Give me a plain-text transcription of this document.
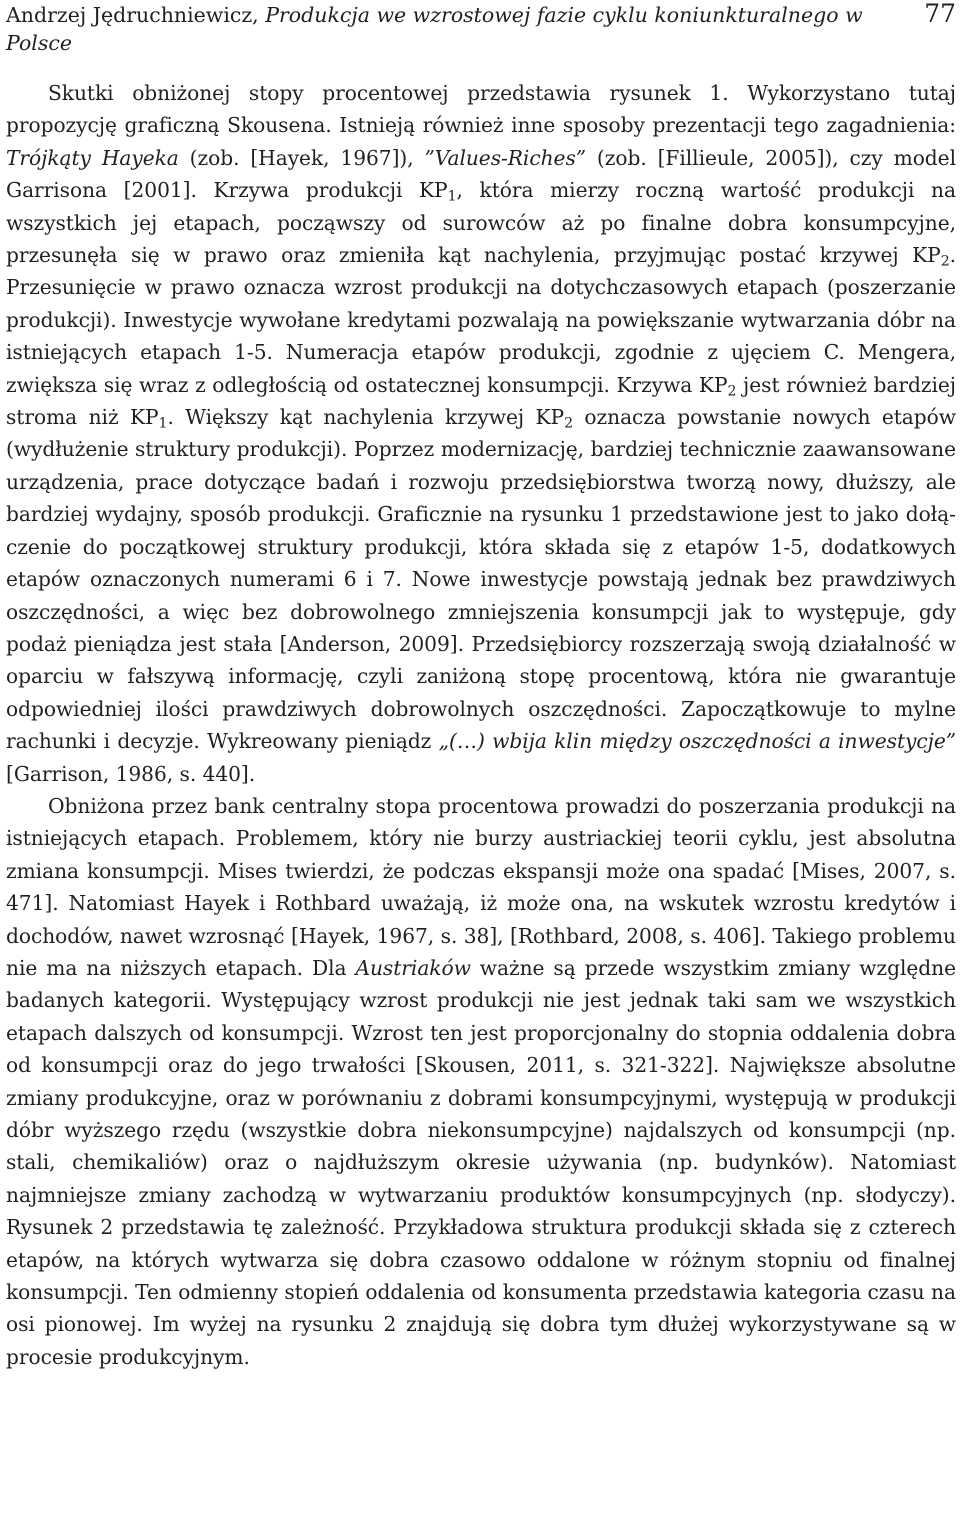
Andrzej Jędruchniewicz, Produkcja we wzrostowej fazie cyklu koniunkturalnego w Polsce
77

Skutki obniżonej stopy procentowej przedstawia rysunek 1. Wykorzystano tutaj propozycję graficzną Skousena. Istnieją również inne sposoby prezentacji tego zagadnienia: Trójkąty Hayeka (zob. [Hayek, 1967]), ”Values-Riches” (zob. [Fillieule, 2005]), czy model Garrisona [2001]. Krzywa produkcji $KP_1$, która mierzy roczną wartość produkcji na wszystkich jej etapach, począwszy od surowców aż po finalne dobra konsumpcyjne, przesunęła się w prawo oraz zmieniła kąt nachylenia, przyjmując postać krzywej $KP_2$. Przesunięcie w prawo oznacza wzrost produkcji na dotychczasowych etapach (poszerzanie produkcji). Inwestycje wywołane kredytami pozwalają na powiększanie wytwarzania dóbr na istniejących etapach 1-5. Numeracja etapów produkcji, zgodnie z ujęciem C. Mengera, zwiększa się wraz z odległością od ostatecznej konsumpcji. Krzywa $KP_2$ jest również bardziej stroma niż $KP_1$. Większy kąt nachylenia krzywej $KP_2$ oznacza powstanie nowych etapów (wydłużenie struktury produkcji). Poprzez modernizację, bardziej technicznie zaawansowane urządzenia, prace dotyczące badań i rozwoju przedsiębiorstwa tworzą nowy, dłuższy, ale bardziej wydajny, sposób produkcji. Graficznie na rysunku 1 przedstawione jest to jako dołączenie do początkowej struktury produkcji, która składa się z etapów 1-5, dodatkowych etapów oznaczonych numerami 6 i 7. Nowe inwestycje powstają jednak bez prawdziwych oszczędności, a więc bez dobrowolnego zmniejszenia konsumpcji jak to występuje, gdy podaż pieniądza jest stała [Anderson, 2009]. Przedsiębiorcy rozszerzają swoją działalność w oparciu w fałszywą informację, czyli zaniżoną stopę procentową, która nie gwarantuje odpowiedniej ilości prawdziwych dobrowolnych oszczędności. Zapoczątkowuje to mylne rachunki i decyzje. Wykreowany pieniądz „(…) wbija klin między oszczędności a inwestycje” [Garrison, 1986, s. 440].

Obniżona przez bank centralny stopa procentowa prowadzi do poszerzania produkcji na istniejących etapach. Problemem, który nie burzy austriackiej teorii cyklu, jest absolutna zmiana konsumpcji. Mises twierdzi, że podczas ekspansji może ona spadać [Mises, 2007, s. 471]. Natomiast Hayek i Rothbard uważają, iż może ona, na wskutek wzrostu kredytów i dochodów, nawet wzrosnąć [Hayek, 1967, s. 38], [Rothbard, 2008, s. 406]. Takiego problemu nie ma na niższych etapach. Dla Austriaków ważne są przede wszystkim zmiany względne badanych kategorii. Występujący wzrost produkcji nie jest jednak taki sam we wszystkich etapach dalszych od konsumpcji. Wzrost ten jest proporcjonalny do stopnia oddalenia dobra od konsumpcji oraz do jego trwałości [Skousen, 2011, s. 321-322]. Największe absolutne zmiany produkcyjne, oraz w porównaniu z dobrami konsumpcyjnymi, występują w produkcji dóbr wyższego rzędu (wszystkie dobra niekonsumpcyjne) najdalszych od konsumpcji (np. stali, chemikaliów) oraz o najdłuższym okresie używania (np. budynków). Natomiast najmniejsze zmiany zachodzą w wytwarzaniu produktów konsumpcyjnych (np. słodyczy). Rysunek 2 przedstawia tę zależność. Przykładowa struktura produkcji składa się z czterech etapów, na których wytwarza się dobra czasowo oddalone w różnym stopniu od finalnej konsumpcji. Ten odmienny stopień oddalenia od konsumenta przedstawia kategoria czasu na osi pionowej. Im wyżej na rysunku 2 znajdują się dobra tym dłużej wykorzystywane są w procesie produkcyjnym.
